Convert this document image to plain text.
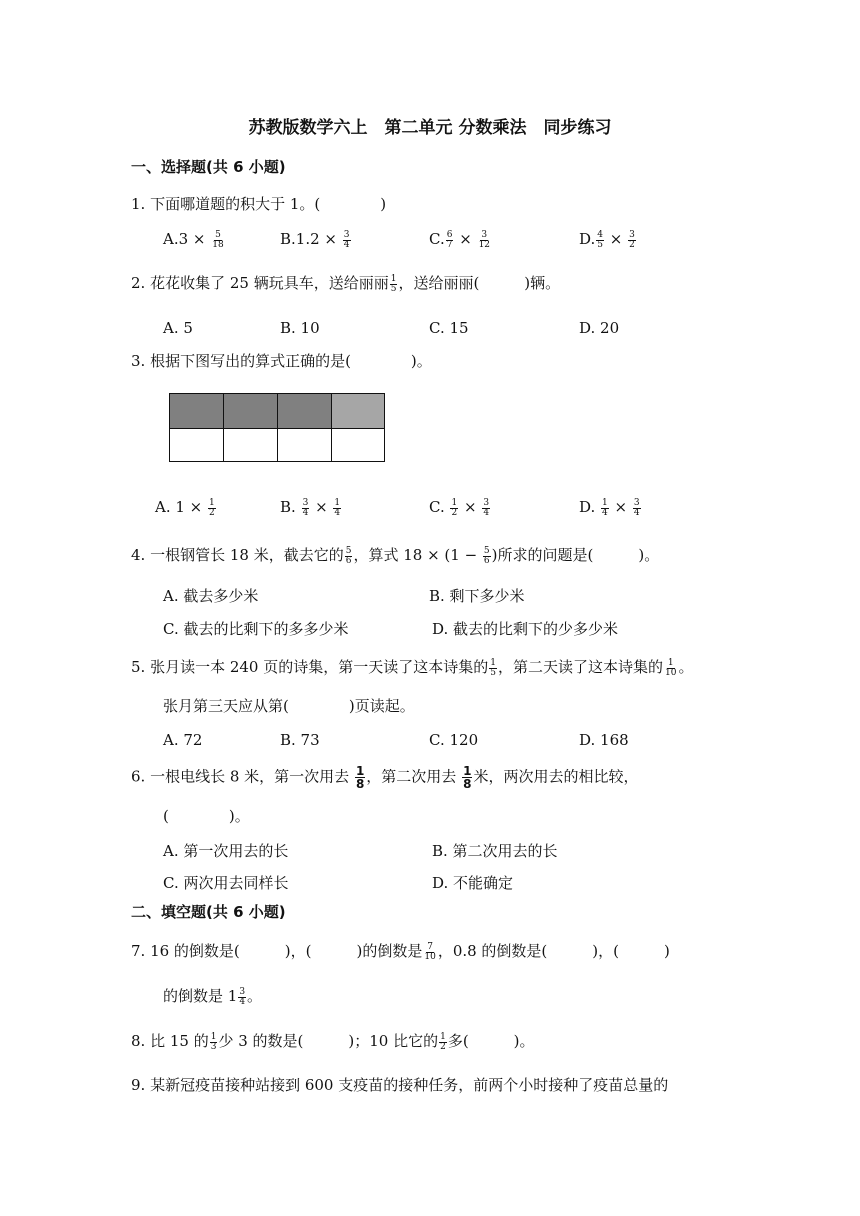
苏教版数学六上　第二单元 分数乘法　同步练习
一、选择题(共 6 小题)
1. 下面哪道题的积大于 1。(　　　　)
$A.3 \times \frac{5}{18}$	$B.1.2 \times \frac{3}{4}$	C. $\frac{6}{7} \times \frac{3}{12}$	D. $\frac{4}{5} \times \frac{3}{2}$
2. 花花收集了 25 辆玩具车，送给丽丽 $\frac{1}{5}$ ，送给丽丽(　　　)辆。
A. 5	B. 10	C. 15	D. 20
3. 根据下图写出的算式正确的是(　　　　)。
A. $1 \times \frac{1}{2}$	B. $\frac{3}{4} \times \frac{1}{4}$	C. $\frac{1}{2} \times \frac{3}{4}$	D. $\frac{1}{4} \times \frac{3}{4}$
4. 一根钢管长 18 米，截去它的 $\frac{5}{6}$ ，算式 $18 \times (1 - \frac{5}{6}$ )所求的问题是(　　　)。
A. 截去多少米	B. 剩下多少米
C. 截去的比剩下的多多少米	D. 截去的比剩下的少多少米
5. 张月读一本 240 页的诗集，第一天读了这本诗集的 $\frac{1}{5}$ ，第二天读了这本诗集的 $\frac{1}{10}$ 。
张月第三天应从第(　　　　)页读起。
A. 72	B. 73	C. 120	D. 168
6. 一根电线长 8 米，第一次用去 $\frac{1}{8}$ ，第二次用去 $\frac{1}{8}$ 米，两次用去的相比较，
(　　　　)。
A. 第一次用去的长	B. 第二次用去的长
C. 两次用去同样长	D. 不能确定
二、填空题(共 6 小题)
7. 16 的倒数是(　　　)，(　　　)的倒数是 $\frac{7}{10}$ ，0.8 的倒数是(　　　)，(　　　)
的倒数是 $1 \frac{3}{4}$ 。
8. 比 15 的 $\frac{1}{3}$ 少 3 的数是(　　　)；10 比它的 $\frac{1}{2}$ 多(　　　)。
9. 某新冠疫苗接种站接到 600 支疫苗的接种任务，前两个小时接种了疫苗总量的
